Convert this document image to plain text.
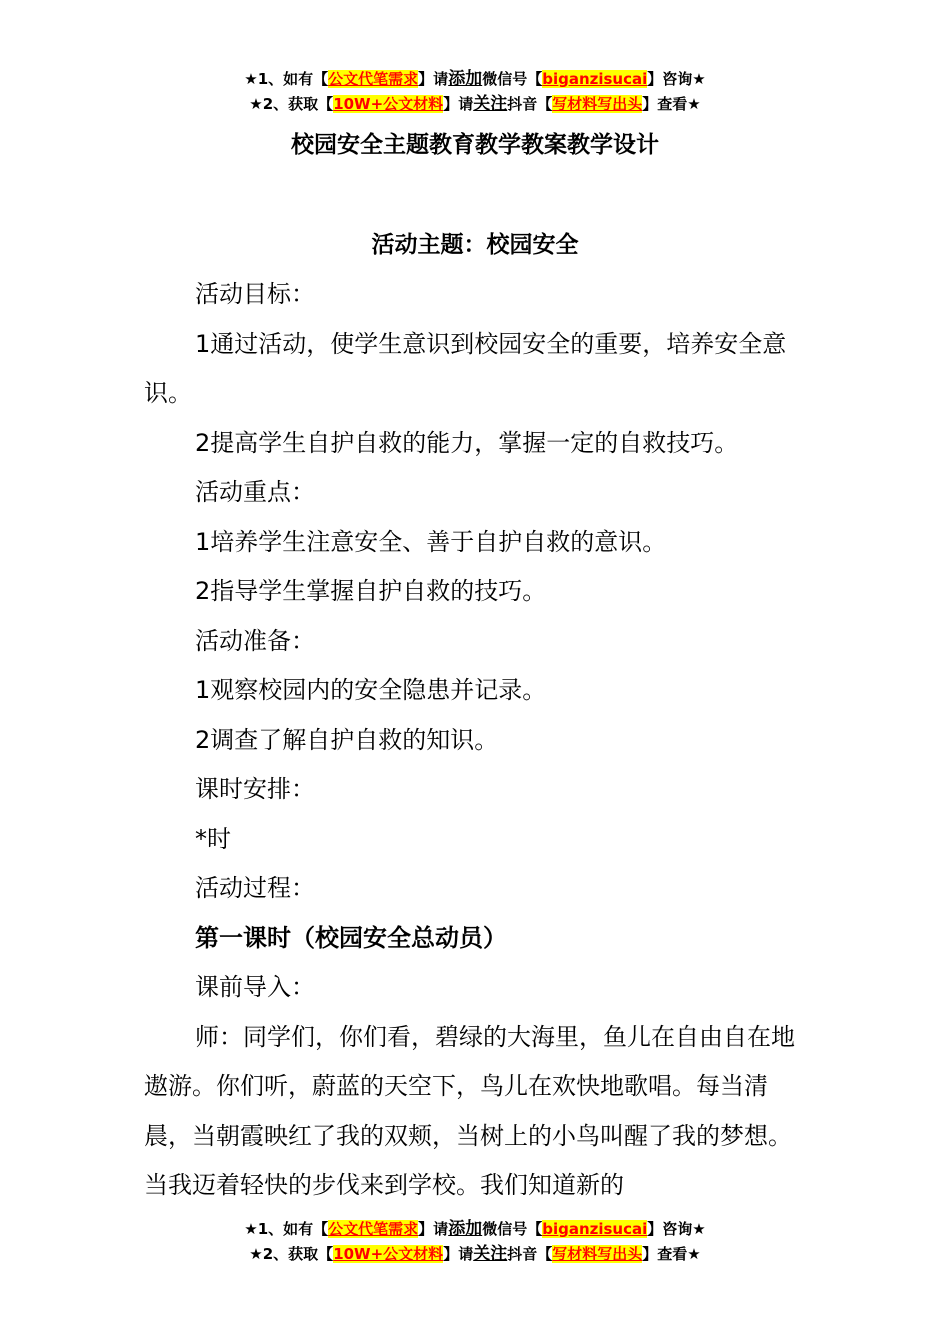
★1、如有【公文代笔需求】请添加微信号【biganzisucai】咨询★
★2、获取【10W+公文材料】请关注抖音【写材料写出头】查看★
校园安全主题教育教学教案教学设计
活动主题：校园安全

活动目标：

1通过活动，使学生意识到校园安全的重要，培养安全意识。

2提高学生自护自救的能力，掌握一定的自救技巧。

活动重点：

1培养学生注意安全、善于自护自救的意识。

2指导学生掌握自护自救的技巧。

活动准备：

1观察校园内的安全隐患并记录。

2调查了解自护自救的知识。

课时安排：

*时

活动过程：

第一课时（校园安全总动员）

课前导入：

师：同学们，你们看，碧绿的大海里，鱼儿在自由自在地遨游。你们听，蔚蓝的天空下，鸟儿在欢快地歌唱。每当清晨，当朝霞映红了我的双颊，当树上的小鸟叫醒了我的梦想。当我迈着轻快的步伐来到学校。我们知道新的

★1、如有【公文代笔需求】请添加微信号【biganzisucai】咨询★
★2、获取【10W+公文材料】请关注抖音【写材料写出头】查看★
